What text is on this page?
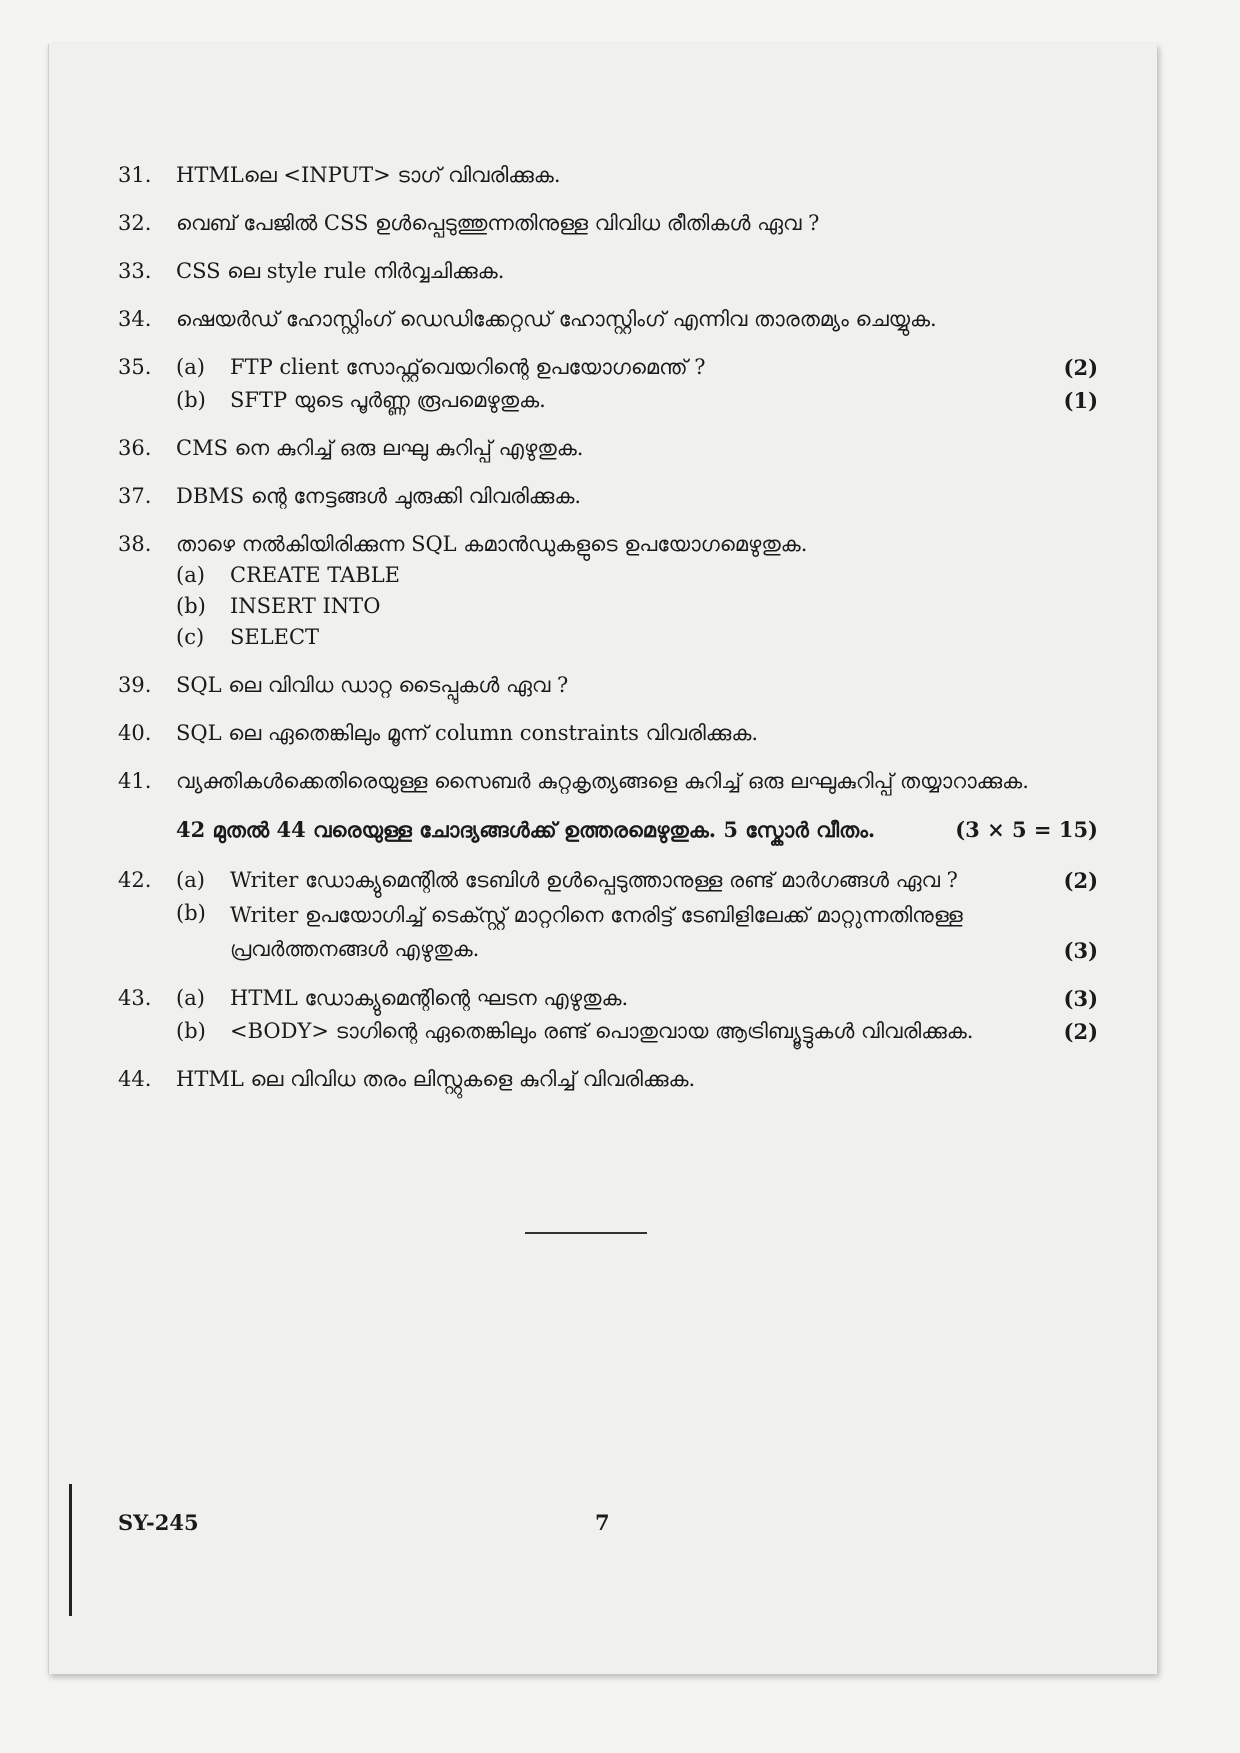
31.	HTMLലെ <INPUT> ടാഗ് വിവരിക്കുക.
32.	വെബ് പേജിൽ CSS ഉൾപ്പെടുത്തുന്നതിനുള്ള വിവിധ രീതികൾ ഏവ ?
33.	CSS ലെ style rule നിർവ്വചിക്കുക.
34.	ഷെയർഡ് ഹോസ്റ്റിംഗ് ഡെഡിക്കേറ്റഡ് ഹോസ്റ്റിംഗ് എന്നിവ താരതമ്യം ചെയ്യുക.
35.	(a)	FTP client സോഫ്റ്റ്‌വെയറിന്റെ ഉപയോഗമെന്ത് ?	(2)
(b)	SFTP യുടെ പൂർണ്ണ രൂപമെഴുതുക.	(1)
36.	CMS നെ കുറിച്ച് ഒരു ലഘു കുറിപ്പ് എഴുതുക.
37.	DBMS ന്റെ നേട്ടങ്ങൾ ചുരുക്കി വിവരിക്കുക.
38.	താഴെ നൽകിയിരിക്കുന്ന SQL കമാൻഡുകളുടെ ഉപയോഗമെഴുതുക.
(a)	CREATE TABLE
(b)	INSERT INTO
(c)	SELECT
39.	SQL ലെ വിവിധ ഡാറ്റ ടൈപ്പുകൾ ഏവ ?
40.	SQL ലെ ഏതെങ്കിലും മൂന്ന് column constraints വിവരിക്കുക.
41.	വ്യക്തികൾക്കെതിരെയുള്ള സൈബർ കുറ്റകൃത്യങ്ങളെ കുറിച്ച് ഒരു ലഘുകുറിപ്പ് തയ്യാറാക്കുക.
42 മുതൽ 44 വരെയുള്ള ചോദ്യങ്ങൾക്ക് ഉത്തരമെഴുതുക. 5 സ്കോർ വീതം.	(3 × 5 = 15)
42.	(a)	Writer ഡോക്യുമെന്റിൽ ടേബിൾ ഉൾപ്പെടുത്താനുള്ള രണ്ട് മാർഗങ്ങൾ ഏവ ?	(2)
(b)	Writer ഉപയോഗിച്ച് ടെക്സ്റ്റ് മാറ്ററിനെ നേരിട്ട് ടേബിളിലേക്ക് മാറ്റുന്നതിനുള്ള പ്രവർത്തനങ്ങൾ എഴുതുക.	(3)
43.	(a)	HTML ഡോക്യുമെന്റിന്റെ ഘടന എഴുതുക.	(3)
(b)	<BODY> ടാഗിന്റെ ഏതെങ്കിലും രണ്ട് പൊതുവായ ആട്രിബ്യൂട്ടുകൾ വിവരിക്കുക.	(2)
44.	HTML ലെ വിവിധ തരം ലിസ്റ്റുകളെ കുറിച്ച് വിവരിക്കുക.
SY-245	7
